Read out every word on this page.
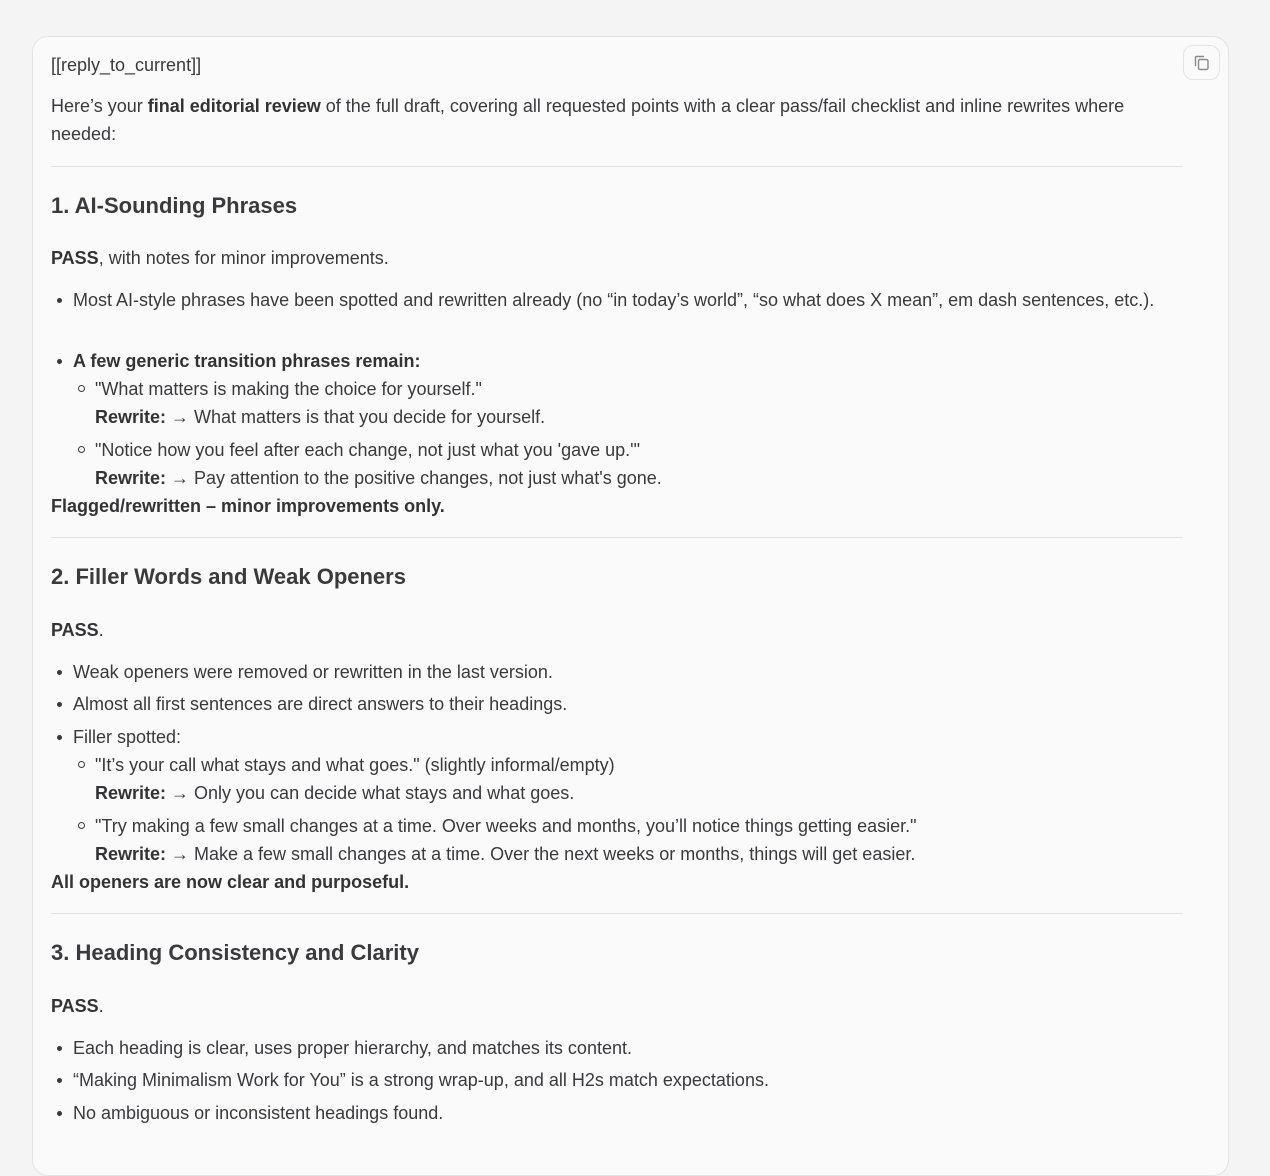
[[reply_to_current]]

Here’s your final editorial review of the full draft, covering all requested points with a clear pass/fail checklist and inline rewrites where needed:

1. AI-Sounding Phrases

PASS, with notes for minor improvements.

Most AI-style phrases have been spotted and rewritten already (no “in today’s world”, “so what does X mean”, em dash sentences, etc.).

A few generic transition phrases remain:

"What matters is making the choice for yourself."

Rewrite: → What matters is that you decide for yourself.

"Notice how you feel after each change, not just what you 'gave up.'"

Rewrite: → Pay attention to the positive changes, not just what's gone.

Flagged/rewritten – minor improvements only.

2. Filler Words and Weak Openers

PASS.

Weak openers were removed or rewritten in the last version.

Almost all first sentences are direct answers to their headings.

Filler spotted:

"It’s your call what stays and what goes." (slightly informal/empty)

Rewrite: → Only you can decide what stays and what goes.

"Try making a few small changes at a time. Over weeks and months, you’ll notice things getting easier."

Rewrite: → Make a few small changes at a time. Over the next weeks or months, things will get easier.

All openers are now clear and purposeful.

3. Heading Consistency and Clarity

PASS.

Each heading is clear, uses proper hierarchy, and matches its content.

“Making Minimalism Work for You” is a strong wrap-up, and all H2s match expectations.

No ambiguous or inconsistent headings found.
